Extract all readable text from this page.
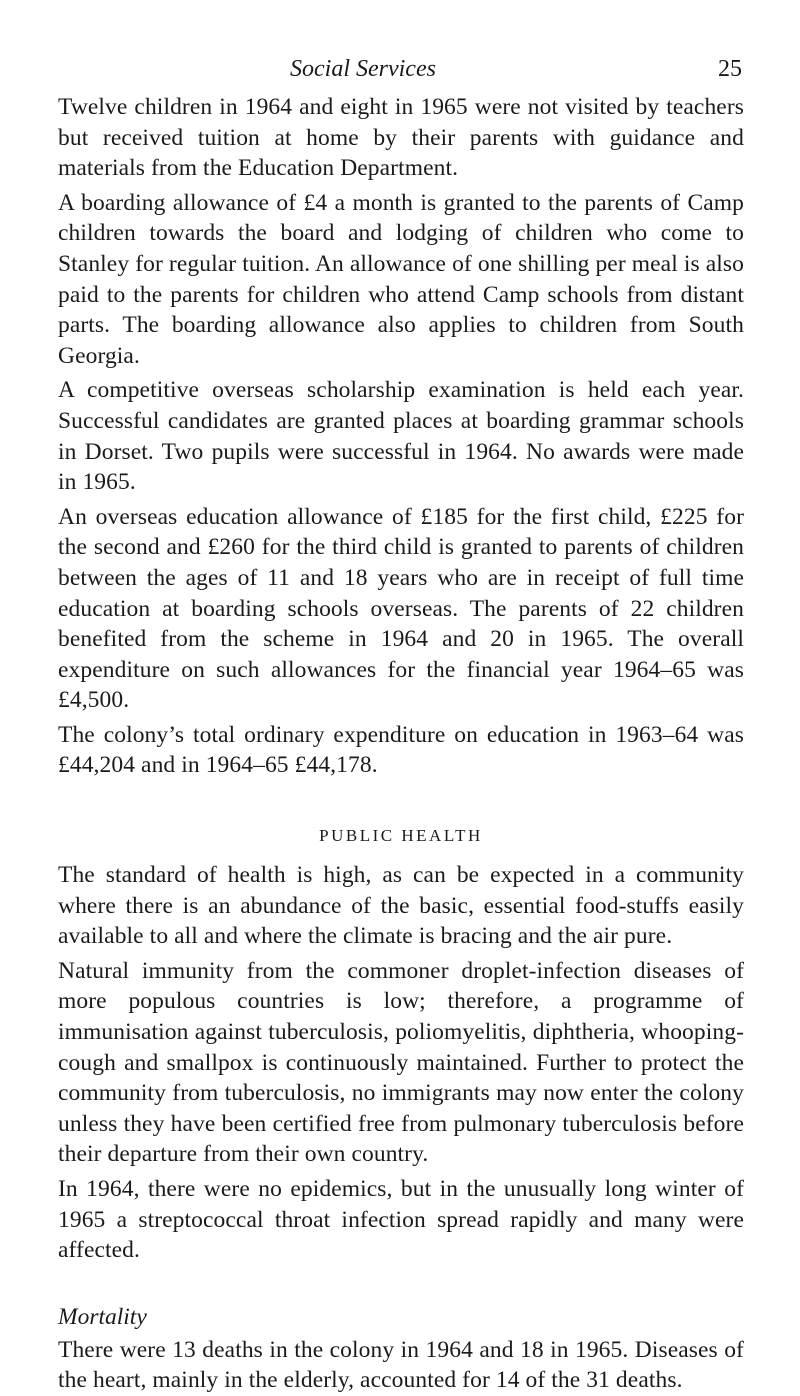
Social Services	25

Twelve children in 1964 and eight in 1965 were not visited by teachers but received tuition at home by their parents with guidance and materials from the Education Department.

A boarding allowance of £4 a month is granted to the parents of Camp children towards the board and lodging of children who come to Stanley for regular tuition. An allowance of one shilling per meal is also paid to the parents for children who attend Camp schools from distant parts. The boarding allowance also applies to children from South Georgia.

A competitive overseas scholarship examination is held each year. Successful candidates are granted places at boarding grammar schools in Dorset. Two pupils were successful in 1964. No awards were made in 1965.

An overseas education allowance of £185 for the first child, £225 for the second and £260 for the third child is granted to parents of children between the ages of 11 and 18 years who are in receipt of full time education at boarding schools overseas. The parents of 22 children benefited from the scheme in 1964 and 20 in 1965. The overall expenditure on such allowances for the financial year 1964–65 was £4,500.

The colony’s total ordinary expenditure on education in 1963–64 was £44,204 and in 1964–65 £44,178.

PUBLIC HEALTH

The standard of health is high, as can be expected in a community where there is an abundance of the basic, essential food-stuffs easily available to all and where the climate is bracing and the air pure.

Natural immunity from the commoner droplet-infection diseases of more populous countries is low; therefore, a programme of immunisation against tuberculosis, poliomyelitis, diphtheria, whooping-cough and smallpox is continuously maintained. Further to protect the community from tuberculosis, no immigrants may now enter the colony unless they have been certified free from pulmonary tuberculosis before their departure from their own country.

In 1964, there were no epidemics, but in the unusually long winter of 1965 a streptococcal throat infection spread rapidly and many were affected.

Mortality

There were 13 deaths in the colony in 1964 and 18 in 1965. Diseases of the heart, mainly in the elderly, accounted for 14 of the 31 deaths.
